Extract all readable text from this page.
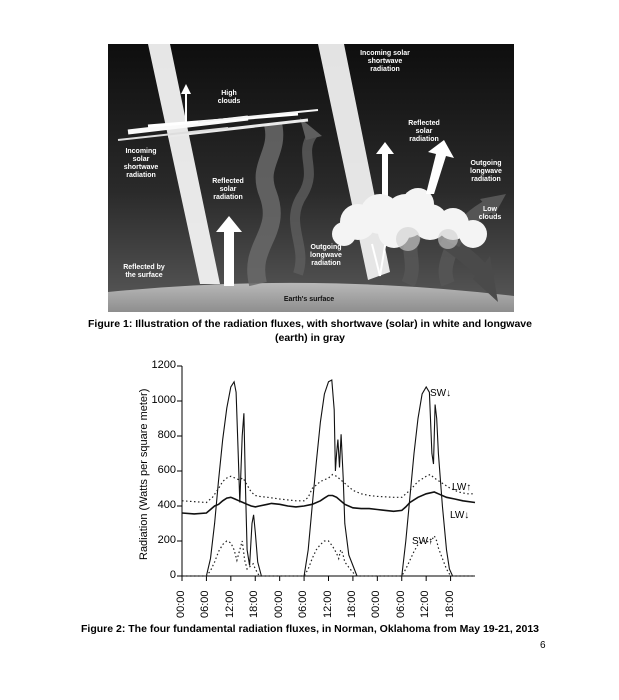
Incoming solar
shortwave
radiation
High
clouds
Reflected
solar
radiation
Incoming
solar
shortwave
radiation
Reflected
solar
radiation
Outgoing
longwave
radiation
Low
clouds
Outgoing
longwave
radiation
Reflected by
the surface
Earth's surface
Figure 1: Illustration of the radiation fluxes, with shortwave (solar) in white and longwave
(earth) in gray
Radiation (Watts per square meter)
0
200
400
600
800
1000
1200
00:00 06:00 12:00 18:00 00:00 06:00 12:00 18:00 00:00 06:00 12:00 18:00
SW↓
LW↑
LW↓
SW↑
Figure 2: The four fundamental radiation fluxes, in Norman, Oklahoma from May 19-21, 2013
6
